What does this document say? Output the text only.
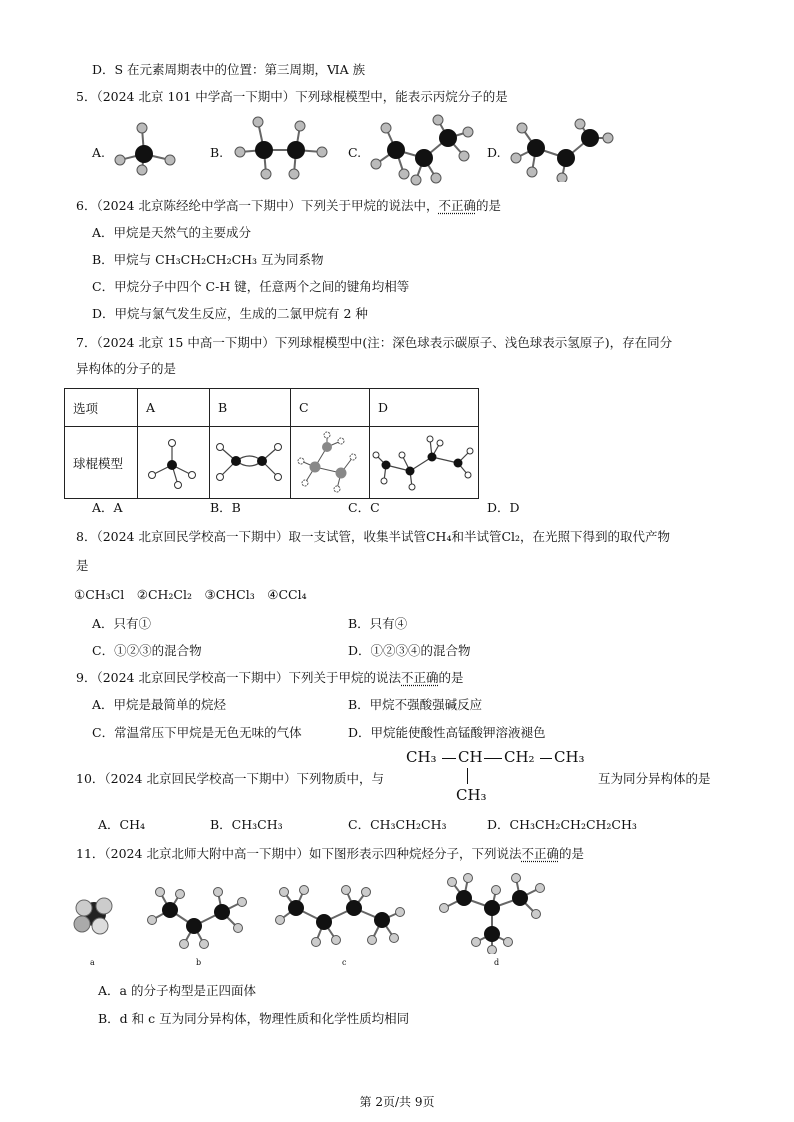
D．S 在元素周期表中的位置：第三周期，ⅥA 族
5．（2024 北京 101 中学高一下期中）下列球棍模型中，能表示丙烷分子的是
A.	B.	C.	D.
6．（2024 北京陈经纶中学高一下期中）下列关于甲烷的说法中，不正确的是
A．甲烷是天然气的主要成分
B．甲烷与 CH₃CH₂CH₂CH₃ 互为同系物
C．甲烷分子中四个 C-H 键，任意两个之间的键角均相等
D．甲烷与氯气发生反应，生成的二氯甲烷有 2 种
7．（2024 北京 15 中高一下期中）下列球棍模型中(注：深色球表示碳原子、浅色球表示氢原子)，存在同分
异构体的分子的是
选项	A	B	C	D
球棍模型				
A．A	B．B	C．C	D．D
8．（2024 北京回民学校高一下期中）取一支试管，收集半试管CH₄和半试管Cl₂，在光照下得到的取代产物
是
①CH₃Cl　②CH₂Cl₂　③CHCl₃　④CCl₄
A．只有①	B．只有④
C．①②③的混合物	D．①②③④的混合物
9．（2024 北京回民学校高一下期中）下列关于甲烷的说法不正确的是
A．甲烷是最简单的烷烃	B．甲烷不强酸强碱反应
C．常温常压下甲烷是无色无味的气体	D．甲烷能使酸性高锰酸钾溶液褪色
10．（2024 北京回民学校高一下期中）下列物质中，与
CH₃ CH CH₂ CH₃
CH₃
互为同分异构体的是
A．CH₄	B．CH₃CH₃	C．CH₃CH₂CH₃	D．CH₃CH₂CH₂CH₂CH₃
11．（2024 北京北师大附中高一下期中）如下图形表示四种烷烃分子，下列说法不正确的是
a	b	c	d
A．a 的分子构型是正四面体
B．d 和 c 互为同分异构体，物理性质和化学性质均相同
第 2页/共 9页
